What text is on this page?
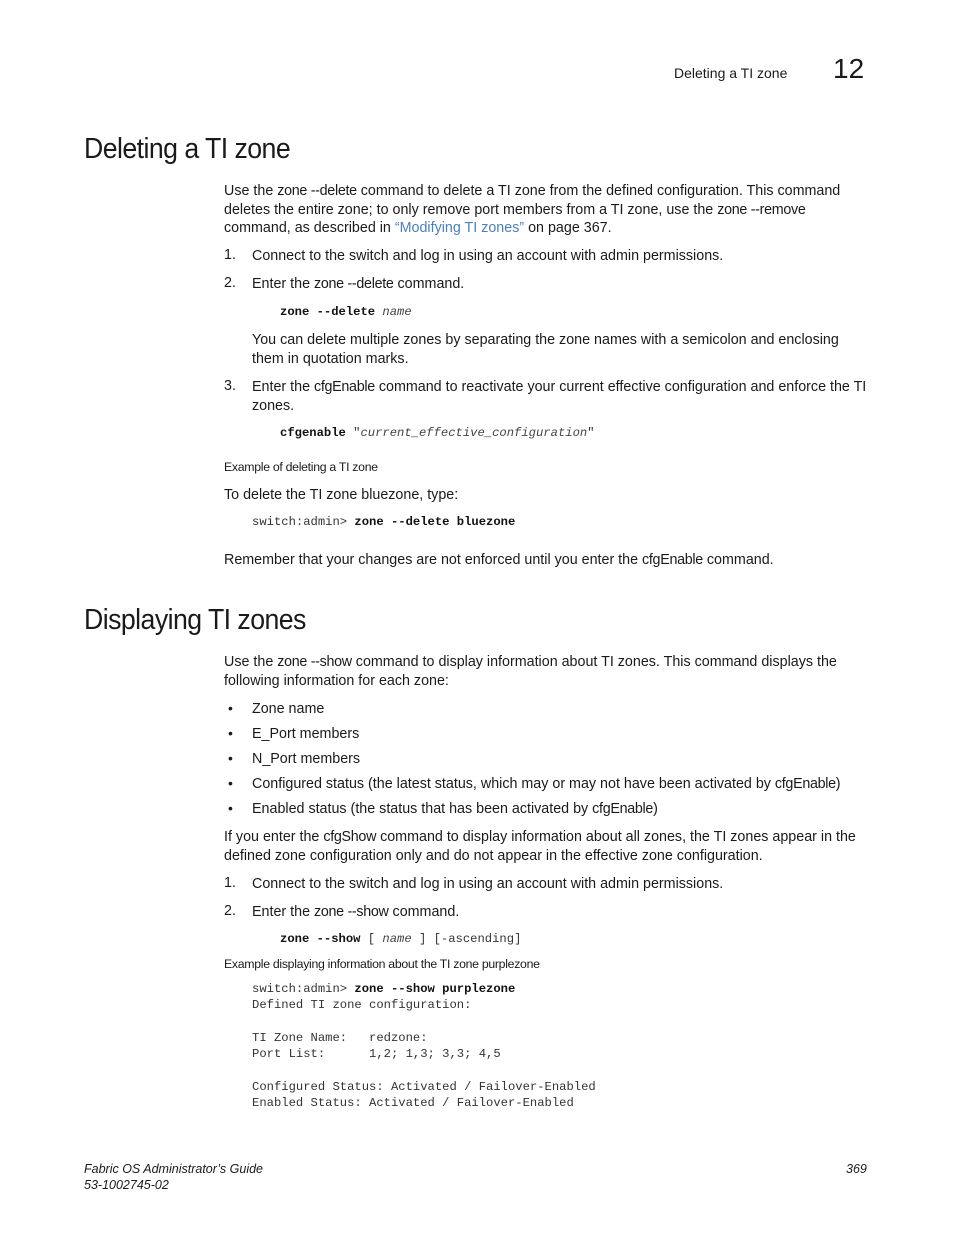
Deleting a TI zone 12
Deleting a TI zone

Use the zone --delete command to delete a TI zone from the defined configuration. This command deletes the entire zone; to only remove port members from a TI zone, use the zone --remove command, as described in “Modifying TI zones” on page 367.

1. Connect to the switch and log in using an account with admin permissions.

2. Enter the zone --delete command.

zone --delete name

You can delete multiple zones by separating the zone names with a semicolon and enclosing them in quotation marks.

3. Enter the cfgEnable command to reactivate your current effective configuration and enforce the TI zones.

cfgenable "current_effective_configuration"
Example of deleting a TI zone

To delete the TI zone bluezone, type:

switch:admin> zone --delete bluezone

Remember that your changes are not enforced until you enter the cfgEnable command.

Displaying TI zones

Use the zone --show command to display information about TI zones. This command displays the following information for each zone:

• Zone name

• E_Port members

• N_Port members

• Configured status (the latest status, which may or may not have been activated by cfgEnable)

• Enabled status (the status that has been activated by cfgEnable)

If you enter the cfgShow command to display information about all zones, the TI zones appear in the defined zone configuration only and do not appear in the effective zone configuration.

1. Connect to the switch and log in using an account with admin permissions.

2. Enter the zone --show command.

zone --show [ name ] [-ascending]
Example displaying information about the TI zone purplezone
switch:admin> zone --show purplezone
Defined TI zone configuration:

TI Zone Name:   redzone:
Port List:      1,2; 1,3; 3,3; 4,5

Configured Status: Activated / Failover-Enabled
Enabled Status: Activated / Failover-Enabled
Fabric OS Administrator’s Guide
53-1002745-02
369
